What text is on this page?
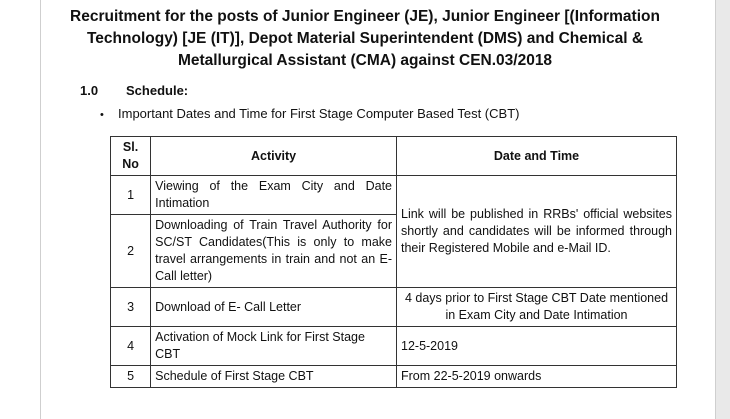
Recruitment for the posts of Junior Engineer (JE), Junior Engineer [(Information Technology) [JE (IT)], Depot Material Superintendent (DMS) and Chemical & Metallurgical Assistant (CMA) against CEN.03/2018
1.0 Schedule:
• Important Dates and Time for First Stage Computer Based Test (CBT)
Sl. No	Activity	Date and Time
1	Viewing of the Exam City and Date Intimation	Link will be published in RRBs' official websites shortly and candidates will be informed through their Registered Mobile and e-Mail ID.
2	Downloading of Train Travel Authority for SC/ST Candidates(This is only to make travel arrangements in train and not an E-Call letter)	
3	Download of E- Call Letter	4 days prior to First Stage CBT Date mentioned in Exam City and Date Intimation
4	Activation of Mock Link for First Stage CBT	12-5-2019
5	Schedule of First Stage CBT	From 22-5-2019 onwards
